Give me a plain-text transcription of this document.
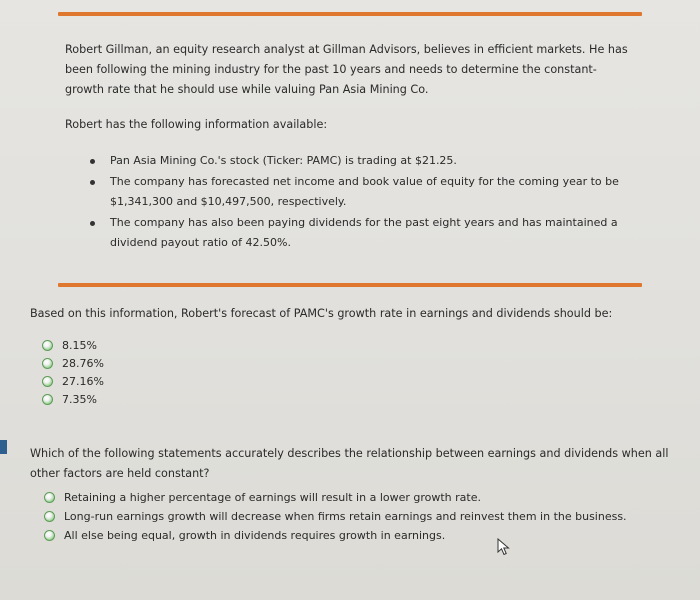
Robert Gillman, an equity research analyst at Gillman Advisors, believes in efficient markets. He has been following the mining industry for the past 10 years and needs to determine the constant-growth rate that he should use while valuing Pan Asia Mining Co.

Robert has the following information available:

Pan Asia Mining Co.'s stock (Ticker: PAMC) is trading at $21.25.
The company has forecasted net income and book value of equity for the coming year to be $1,341,300 and $10,497,500, respectively.
The company has also been paying dividends for the past eight years and has maintained a dividend payout ratio of 42.50%.

Based on this information, Robert's forecast of PAMC's growth rate in earnings and dividends should be:

8.15%
28.76%
27.16%
7.35%

Which of the following statements accurately describes the relationship between earnings and dividends when all other factors are held constant?

Retaining a higher percentage of earnings will result in a lower growth rate.
Long-run earnings growth will decrease when firms retain earnings and reinvest them in the business.
All else being equal, growth in dividends requires growth in earnings.
